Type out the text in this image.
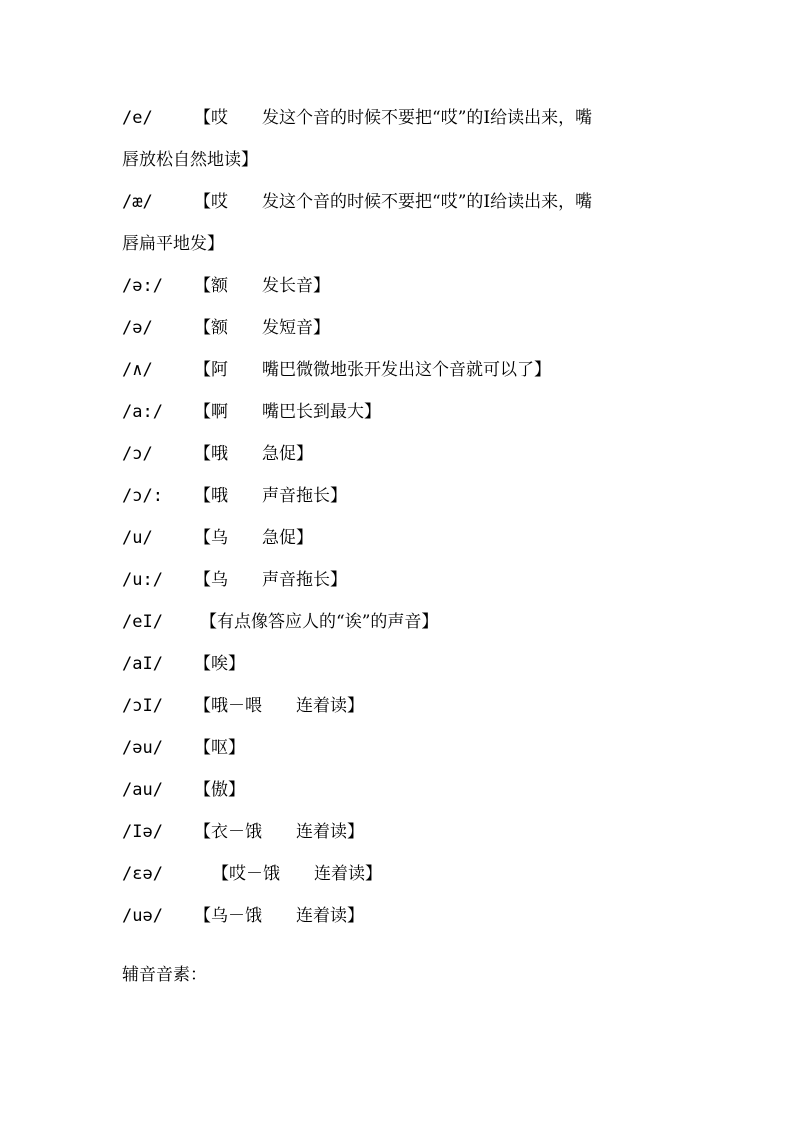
/e/ 【哎 发这个音的时候不要把“哎”的I给读出来，嘴
唇放松自然地读】
/æ/ 【哎 发这个音的时候不要把“哎”的I给读出来，嘴
唇扁平地发】
/ə:/ 【额 发长音】
/ə/ 【额 发短音】
/∧/ 【阿 嘴巴微微地张开发出这个音就可以了】
/a:/ 【啊 嘴巴长到最大】
/ɔ/ 【哦 急促】
/ɔ/: 【哦 声音拖长】
/u/ 【乌 急促】
/u:/ 【乌 声音拖长】
/eI/ 【有点像答应人的“诶”的声音】
/aI/ 【唉】
/ɔI/ 【哦－喂 连着读】
/əu/ 【呕】
/au/ 【傲】
/Iə/ 【衣－饿 连着读】
/ɛə/	【哎－饿 连着读】
/uə/ 【乌－饿 连着读】
辅音音素：
